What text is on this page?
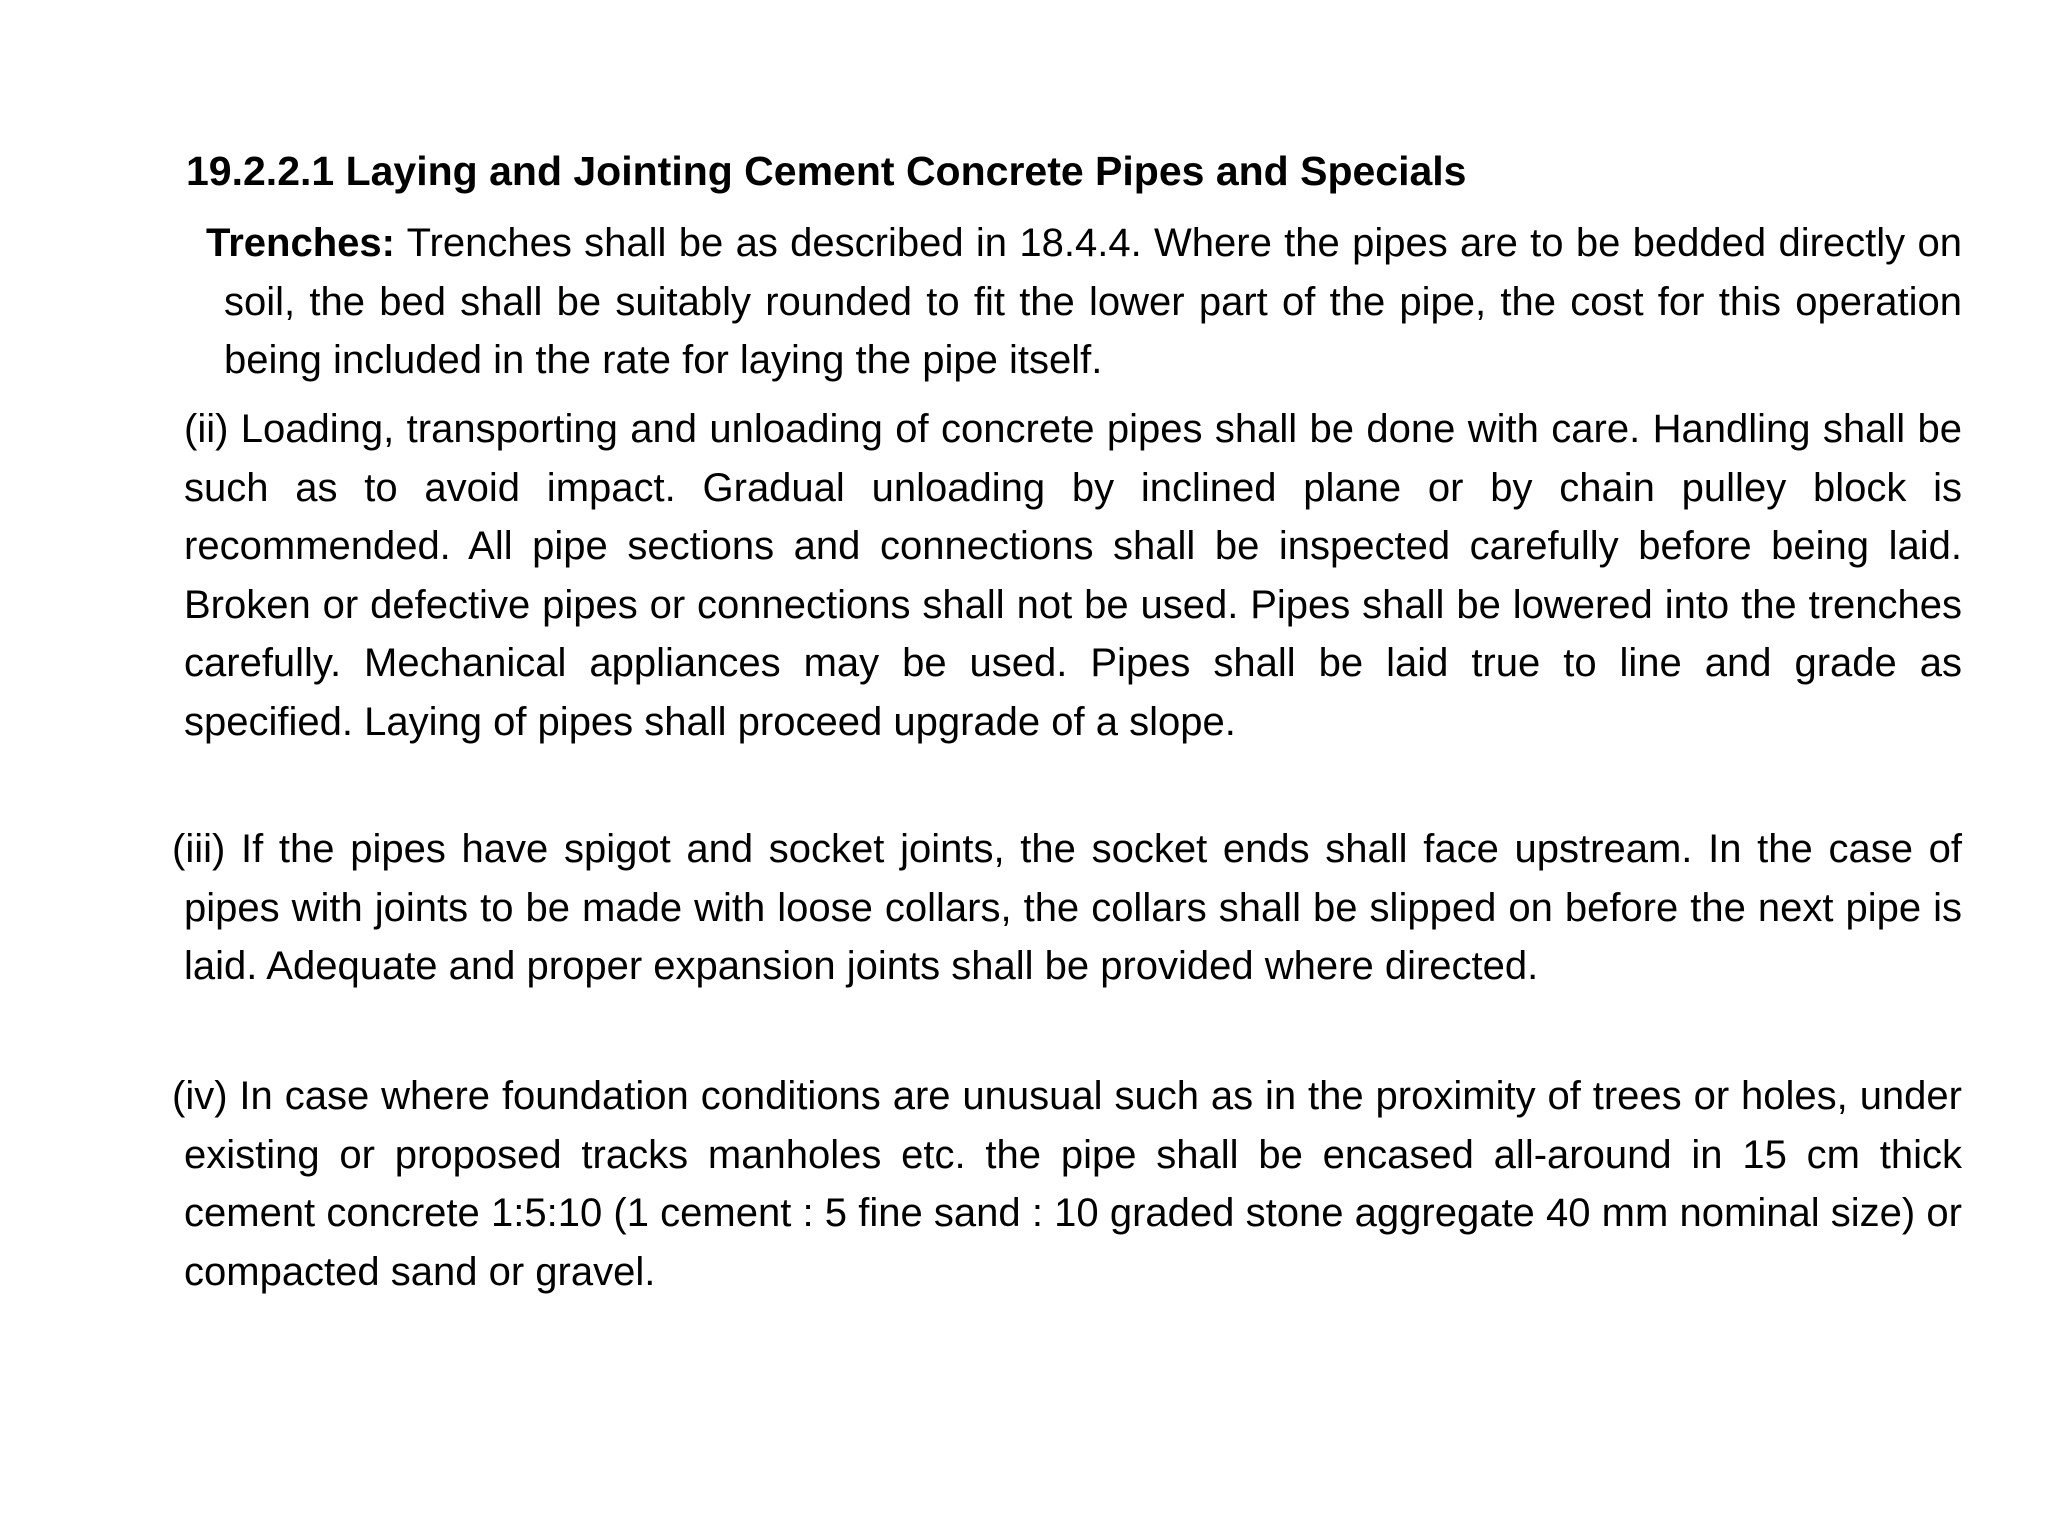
19.2.2.1 Laying and Jointing Cement Concrete Pipes and Specials
Trenches: Trenches shall be as described in 18.4.4. Where the pipes are to be bedded directly on soil, the bed shall be suitably rounded to fit the lower part of the pipe, the cost for this operation being included in the rate for laying the pipe itself.
(ii) Loading, transporting and unloading of concrete pipes shall be done with care. Handling shall be such as to avoid impact. Gradual unloading by inclined plane or by chain pulley block is recommended. All pipe sections and connections shall be inspected carefully before being laid. Broken or defective pipes or connections shall not be used. Pipes shall be lowered into the trenches carefully. Mechanical appliances may be used. Pipes shall be laid true to line and grade as specified. Laying of pipes shall proceed upgrade of a slope.
(iii) If the pipes have spigot and socket joints, the socket ends shall face upstream. In the case of pipes with joints to be made with loose collars, the collars shall be slipped on before the next pipe is laid. Adequate and proper expansion joints shall be provided where directed.
(iv) In case where foundation conditions are unusual such as in the proximity of trees or holes, under existing or proposed tracks manholes etc. the pipe shall be encased all-around in 15 cm thick cement concrete 1:5:10 (1 cement : 5 fine sand : 10 graded stone aggregate 40 mm nominal size) or compacted sand or gravel.
